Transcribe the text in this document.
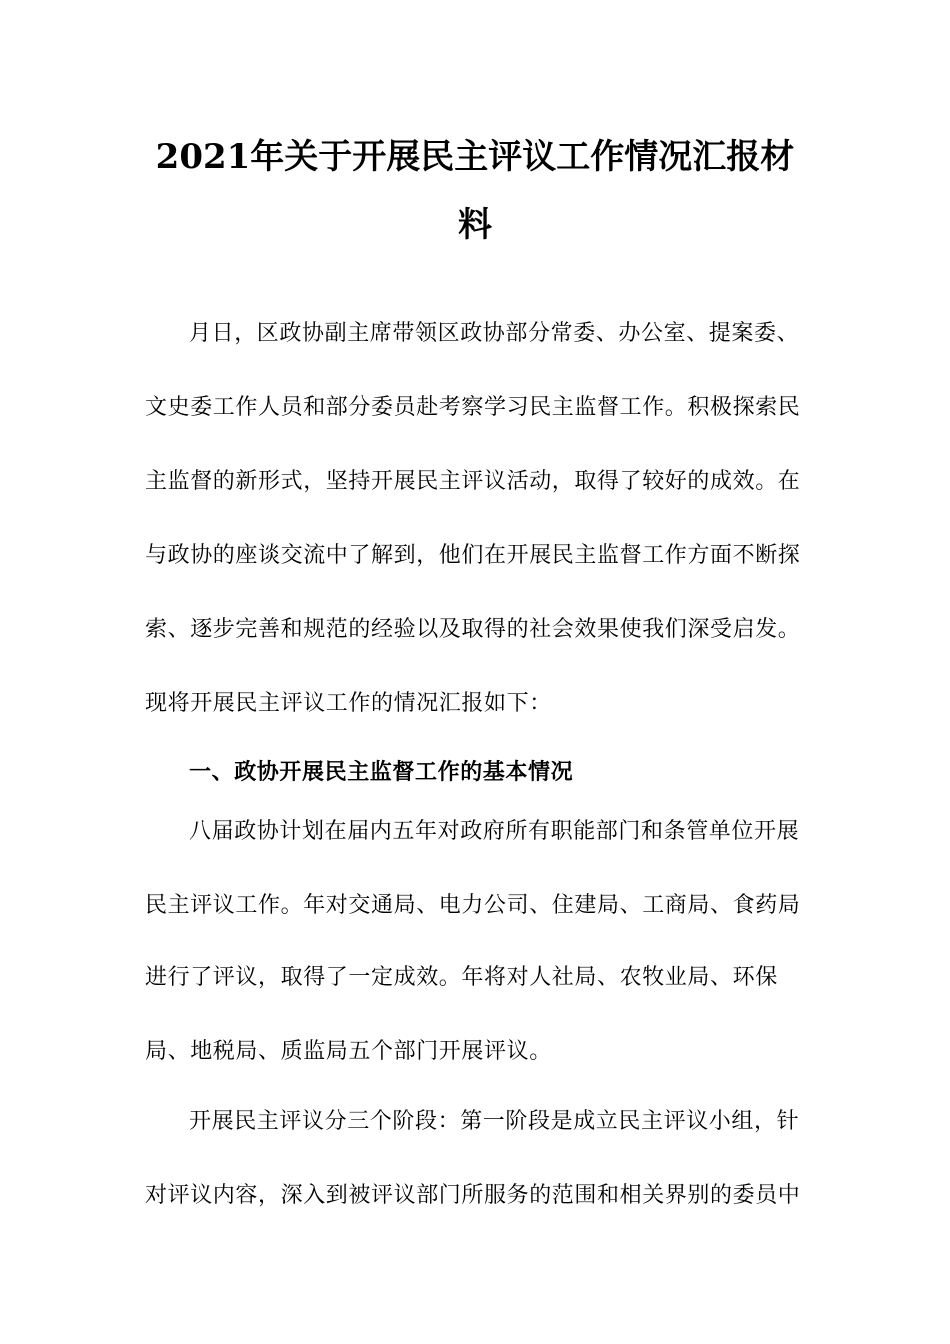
2021年关于开展民主评议工作情况汇报材
料
月日，区政协副主席带领区政协部分常委、办公室、提案委、
文史委工作人员和部分委员赴考察学习民主监督工作。积极探索民
主监督的新形式，坚持开展民主评议活动，取得了较好的成效。在
与政协的座谈交流中了解到，他们在开展民主监督工作方面不断探
索、逐步完善和规范的经验以及取得的社会效果使我们深受启发。
现将开展民主评议工作的情况汇报如下：
一、政协开展民主监督工作的基本情况
八届政协计划在届内五年对政府所有职能部门和条管单位开展
民主评议工作。年对交通局、电力公司、住建局、工商局、食药局
进行了评议，取得了一定成效。年将对人社局、农牧业局、环保
局、地税局、质监局五个部门开展评议。
开展民主评议分三个阶段：第一阶段是成立民主评议小组，针
对评议内容，深入到被评议部门所服务的范围和相关界别的委员中
